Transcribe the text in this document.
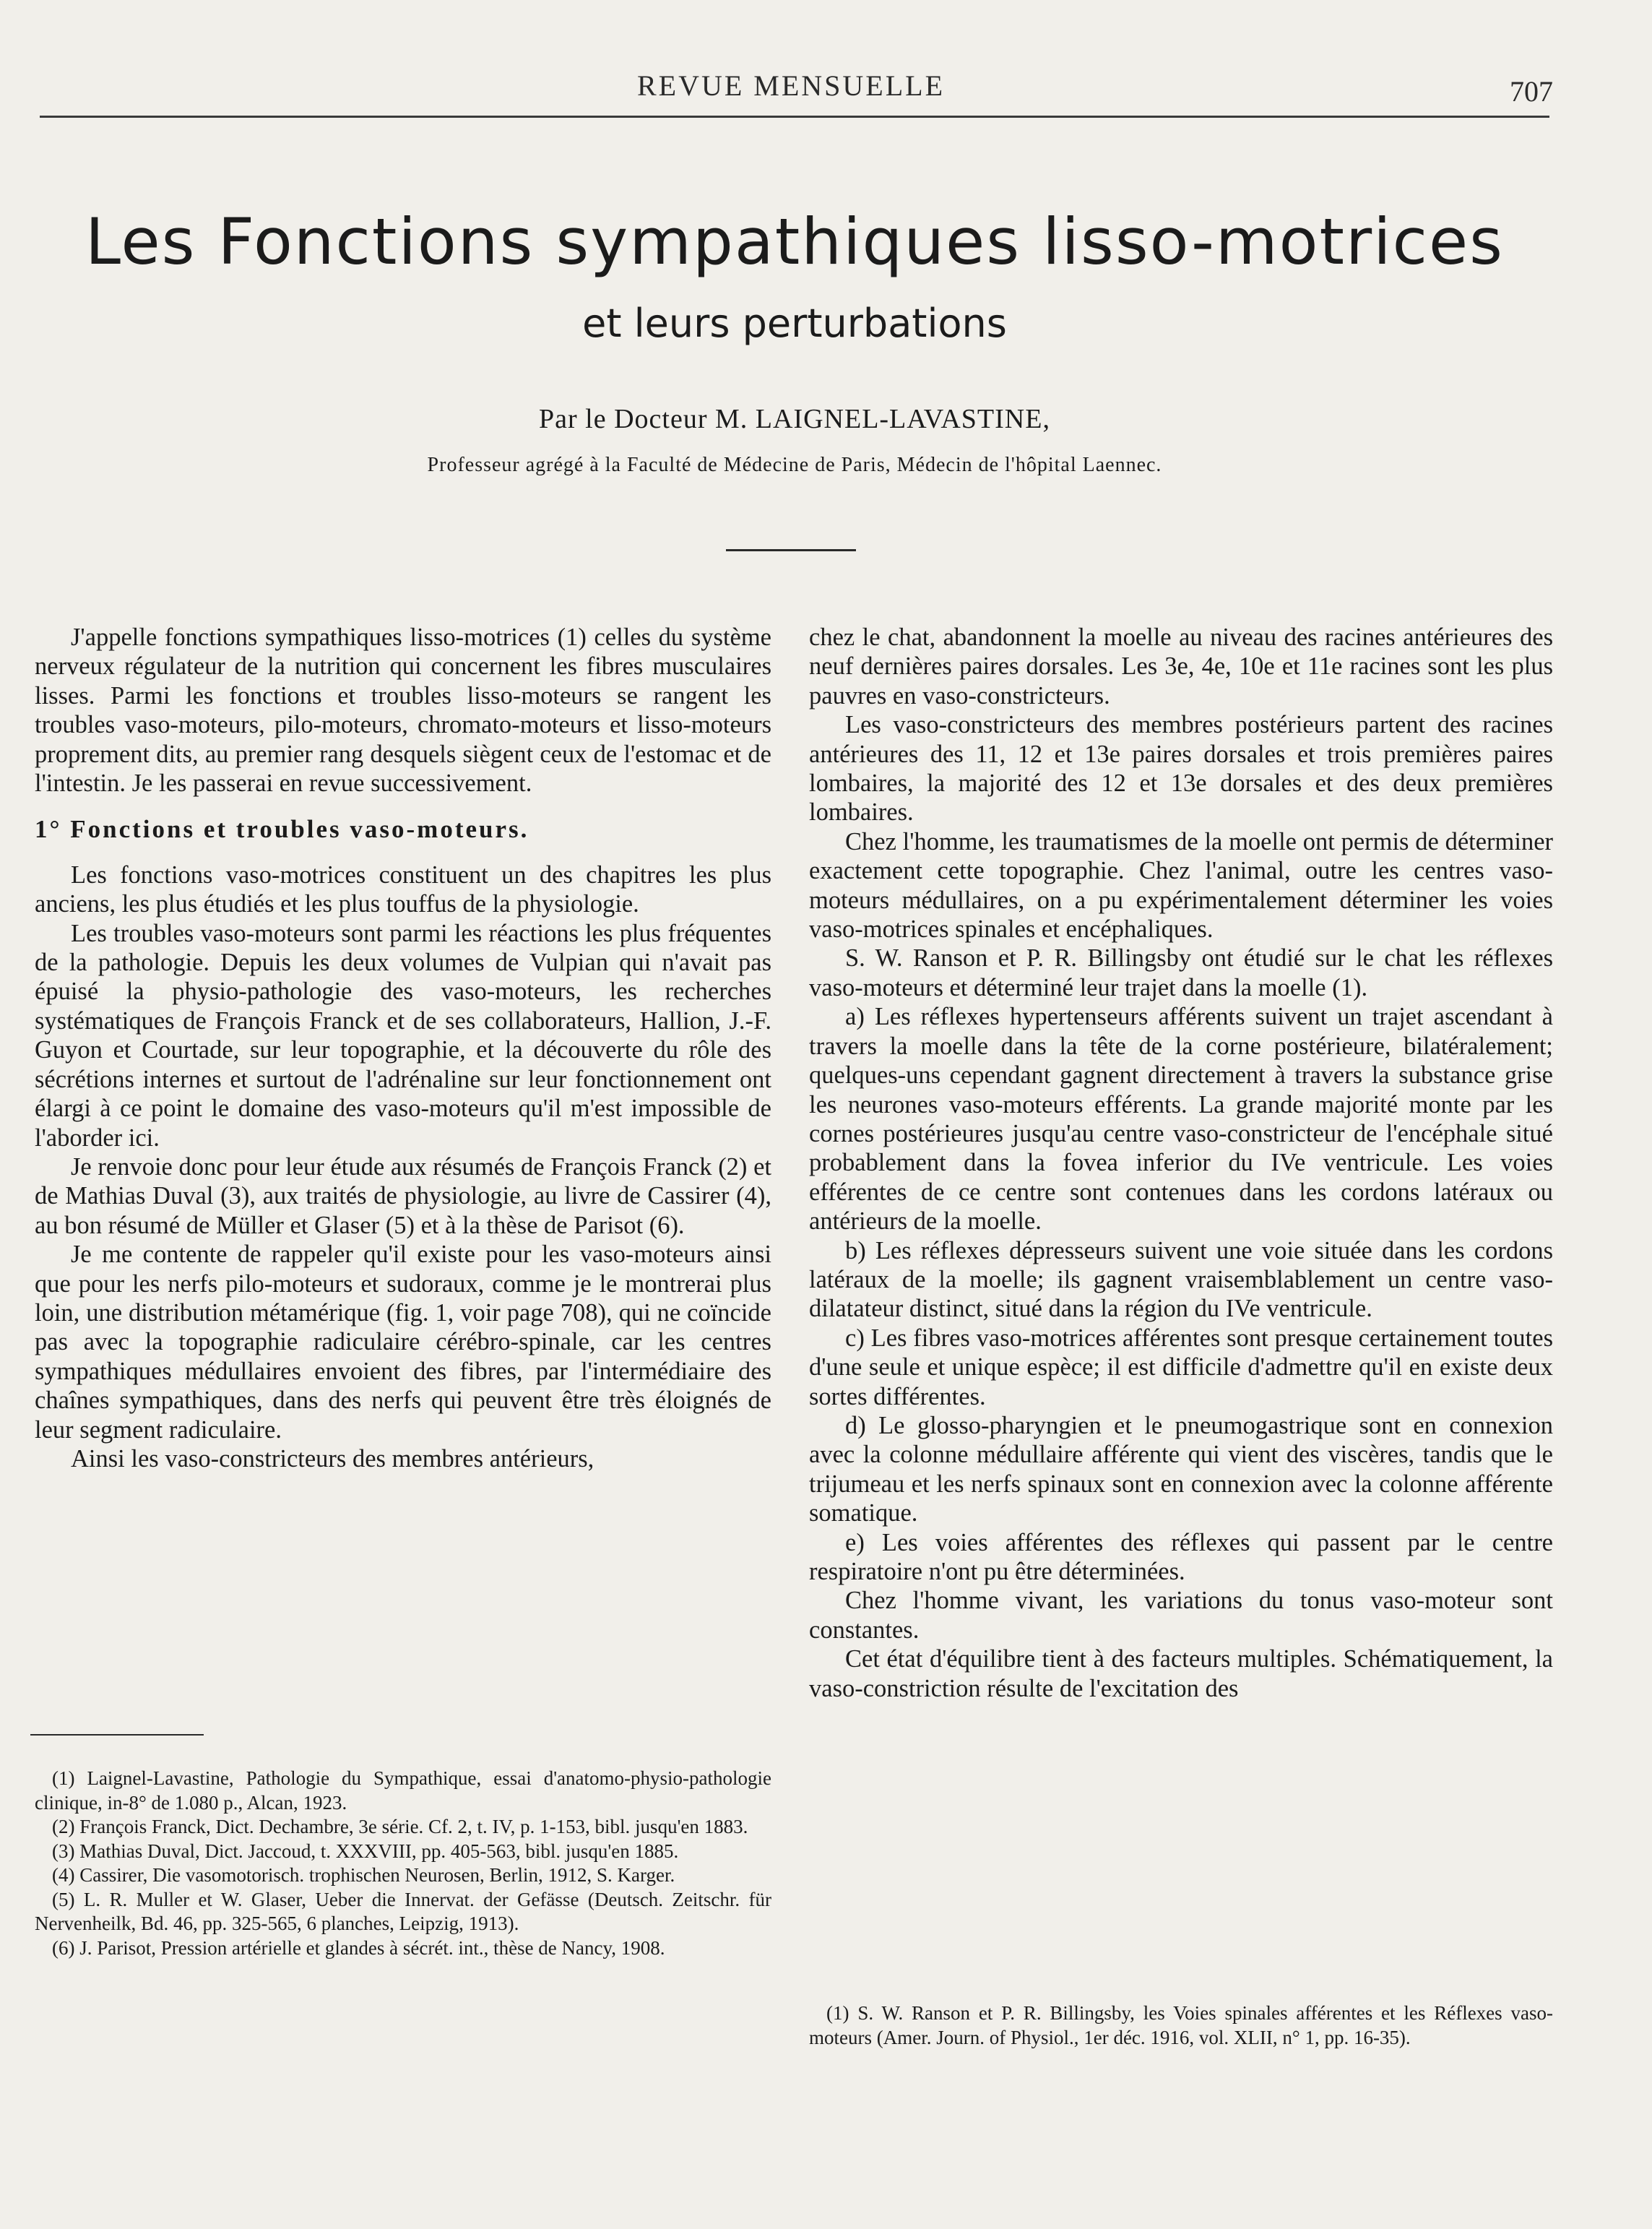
REVUE MENSUELLE	707
Les Fonctions sympathiques lisso-motrices
et leurs perturbations
Par le Docteur M. LAIGNEL-LAVASTINE,
Professeur agrégé à la Faculté de Médecine de Paris, Médecin de l'hôpital Laennec.

J'appelle fonctions sympathiques lisso-motrices (1) celles du système nerveux régulateur de la nutrition qui concernent les fibres musculaires lisses. Parmi les fonctions et troubles lisso-moteurs se rangent les troubles vaso-moteurs, pilo-moteurs, chromato-moteurs et lisso-moteurs proprement dits, au premier rang desquels siègent ceux de l'estomac et de l'intestin. Je les passerai en revue successivement.

1° Fonctions et troubles vaso-moteurs.

Les fonctions vaso-motrices constituent un des chapitres les plus anciens, les plus étudiés et les plus touffus de la physiologie.

Les troubles vaso-moteurs sont parmi les réactions les plus fréquentes de la pathologie. Depuis les deux volumes de Vulpian qui n'avait pas épuisé la physio-pathologie des vaso-moteurs, les recherches systématiques de François Franck et de ses collaborateurs, Hallion, J.-F. Guyon et Courtade, sur leur topographie, et la découverte du rôle des sécrétions internes et surtout de l'adrénaline sur leur fonctionnement ont élargi à ce point le domaine des vaso-moteurs qu'il m'est impossible de l'aborder ici.

Je renvoie donc pour leur étude aux résumés de François Franck (2) et de Mathias Duval (3), aux traités de physiologie, au livre de Cassirer (4), au bon résumé de Müller et Glaser (5) et à la thèse de Parisot (6).

Je me contente de rappeler qu'il existe pour les vaso-moteurs ainsi que pour les nerfs pilo-moteurs et sudoraux, comme je le montrerai plus loin, une distribution métamérique (fig. 1, voir page 708), qui ne coïncide pas avec la topographie radiculaire cérébro-spinale, car les centres sympathiques médullaires envoient des fibres, par l'intermédiaire des chaînes sympathiques, dans des nerfs qui peuvent être très éloignés de leur segment radiculaire.

Ainsi les vaso-constricteurs des membres antérieurs,

chez le chat, abandonnent la moelle au niveau des racines antérieures des neuf dernières paires dorsales. Les 3e, 4e, 10e et 11e racines sont les plus pauvres en vaso-constricteurs.

Les vaso-constricteurs des membres postérieurs partent des racines antérieures des 11, 12 et 13e paires dorsales et trois premières paires lombaires, la majorité des 12 et 13e dorsales et des deux premières lombaires.

Chez l'homme, les traumatismes de la moelle ont permis de déterminer exactement cette topographie. Chez l'animal, outre les centres vaso-moteurs médullaires, on a pu expérimentalement déterminer les voies vaso-motrices spinales et encéphaliques.

S. W. Ranson et P. R. Billingsby ont étudié sur le chat les réflexes vaso-moteurs et déterminé leur trajet dans la moelle (1).

a) Les réflexes hypertenseurs afférents suivent un trajet ascendant à travers la moelle dans la tête de la corne postérieure, bilatéralement; quelques-uns cependant gagnent directement à travers la substance grise les neurones vaso-moteurs efférents. La grande majorité monte par les cornes postérieures jusqu'au centre vaso-constricteur de l'encéphale situé probablement dans la fovea inferior du IVe ventricule. Les voies efférentes de ce centre sont contenues dans les cordons latéraux ou antérieurs de la moelle.

b) Les réflexes dépresseurs suivent une voie située dans les cordons latéraux de la moelle; ils gagnent vraisemblablement un centre vaso-dilatateur distinct, situé dans la région du IVe ventricule.

c) Les fibres vaso-motrices afférentes sont presque certainement toutes d'une seule et unique espèce; il est difficile d'admettre qu'il en existe deux sortes différentes.

d) Le glosso-pharyngien et le pneumogastrique sont en connexion avec la colonne médullaire afférente qui vient des viscères, tandis que le trijumeau et les nerfs spinaux sont en connexion avec la colonne afférente somatique.

e) Les voies afférentes des réflexes qui passent par le centre respiratoire n'ont pu être déterminées.

Chez l'homme vivant, les variations du tonus vaso-moteur sont constantes.

Cet état d'équilibre tient à des facteurs multiples. Schématiquement, la vaso-constriction résulte de l'excitation des

(1) Laignel-Lavastine, Pathologie du Sympathique, essai d'anatomo-physio-pathologie clinique, in-8° de 1.080 p., Alcan, 1923.

(2) François Franck, Dict. Dechambre, 3e série. Cf. 2, t. IV, p. 1-153, bibl. jusqu'en 1883.

(3) Mathias Duval, Dict. Jaccoud, t. XXXVIII, pp. 405-563, bibl. jusqu'en 1885.

(4) Cassirer, Die vasomotorisch. trophischen Neurosen, Berlin, 1912, S. Karger.

(5) L. R. Muller et W. Glaser, Ueber die Innervat. der Gefässe (Deutsch. Zeitschr. für Nervenheilk, Bd. 46, pp. 325-565, 6 planches, Leipzig, 1913).

(6) J. Parisot, Pression artérielle et glandes à sécrét. int., thèse de Nancy, 1908.

(1) S. W. Ranson et P. R. Billingsby, les Voies spinales afférentes et les Réflexes vaso-moteurs (Amer. Journ. of Physiol., 1er déc. 1916, vol. XLII, n° 1, pp. 16-35).
